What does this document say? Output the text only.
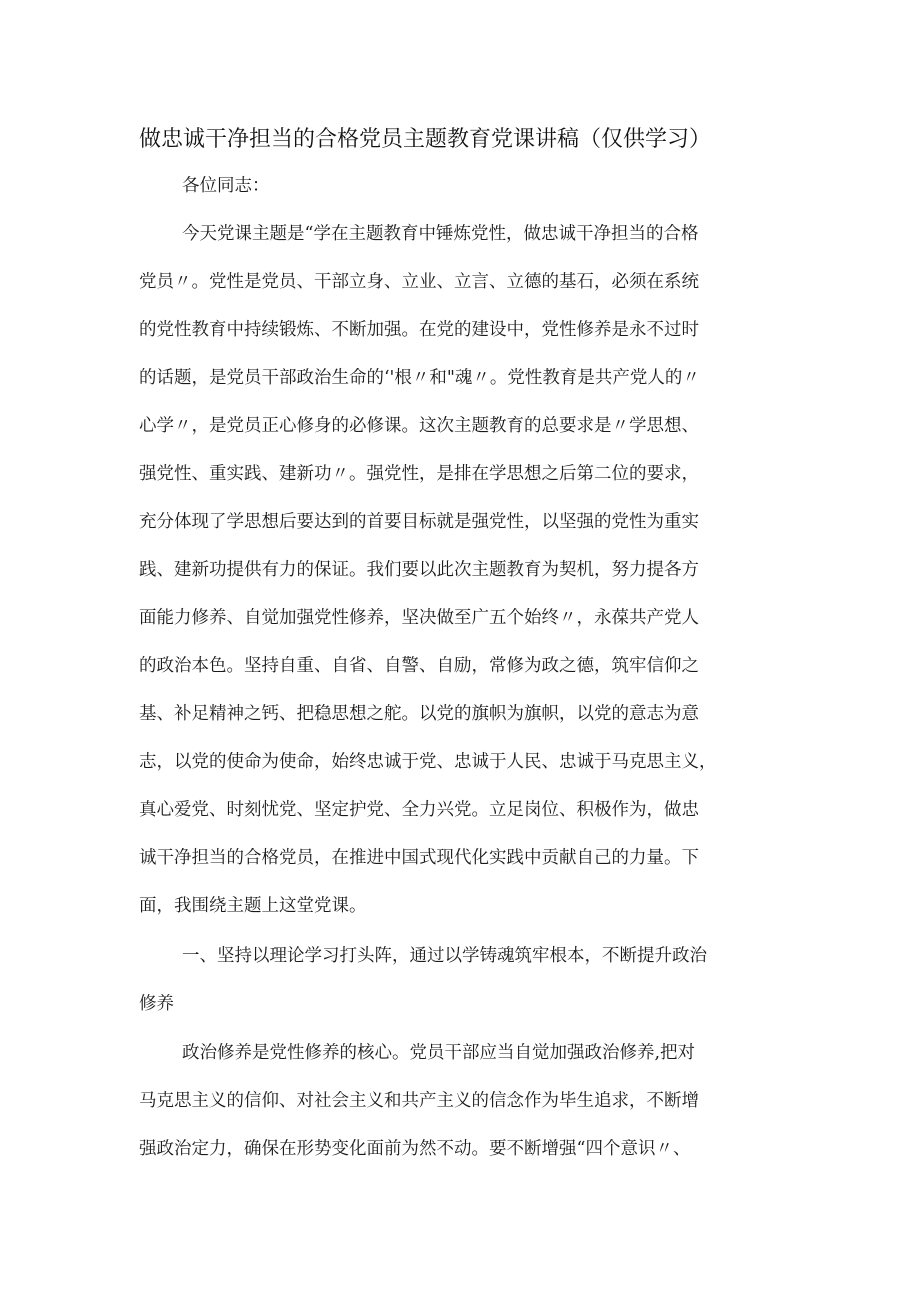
做忠诚干净担当的合格党员主题教育党课讲稿（仅供学习）
各位同志：
今天党课主题是“学在主题教育中锤炼党性，做忠诚干净担当的合格
党员〃。党性是党员、干部立身、立业、立言、立德的基石，必须在系统
的党性教育中持续锻炼、不断加强。在党的建设中，党性修养是永不过时
的话题，是党员干部政治生命的‘'根〃和"魂〃。党性教育是共产党人的〃
心学〃，是党员正心修身的必修课。这次主题教育的总要求是〃学思想、
强党性、重实践、建新功〃。强党性，是排在学思想之后第二位的要求，
充分体现了学思想后要达到的首要目标就是强党性，以坚强的党性为重实
践、建新功提供有力的保证。我们要以此次主题教育为契机，努力提各方
面能力修养、自觉加强党性修养，坚决做至广五个始终〃，永葆共产党人
的政治本色。坚持自重、自省、自警、自励，常修为政之德，筑牢信仰之
基、补足精神之钙、把稳思想之舵。以党的旗帜为旗帜，以党的意志为意
志，以党的使命为使命，始终忠诚于党、忠诚于人民、忠诚于马克思主义，
真心爱党、时刻忧党、坚定护党、全力兴党。立足岗位、积极作为，做忠
诚干净担当的合格党员，在推进中国式现代化实践中贡献自己的力量。下
面，我围绕主题上这堂党课。
一、坚持以理论学习打头阵，通过以学铸魂筑牢根本，不断提升政治
修养
政治修养是党性修养的核心。党员干部应当自觉加强政治修养,把对
马克思主义的信仰、对社会主义和共产主义的信念作为毕生追求，不断增
强政治定力，确保在形势变化面前为然不动。要不断增强“四个意识〃、
